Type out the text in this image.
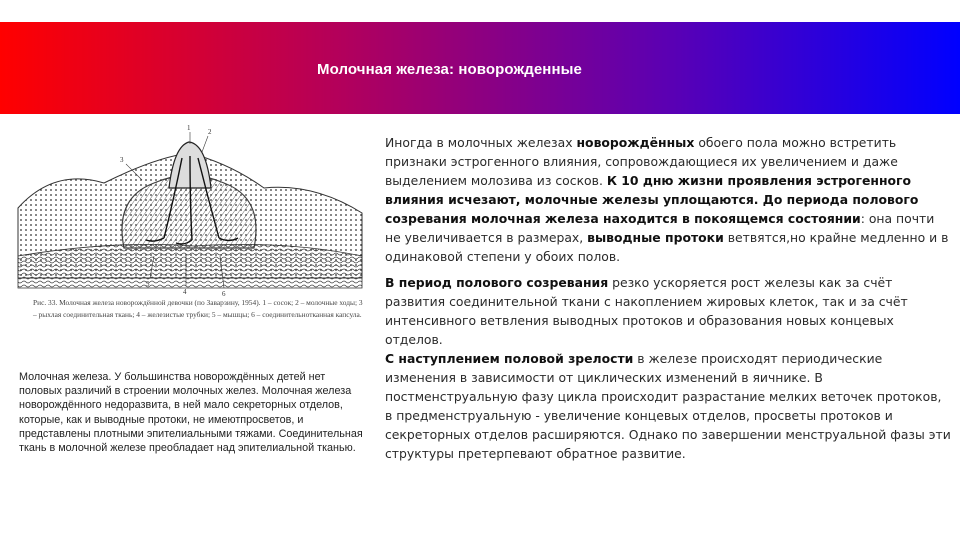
Молочная железа: новорожденные
3
1	2
5
4	6
Рис. 33. Молочная железа новорождённой девочки (по Заварзину, 1954). 1 – сосок; 2 – молочные ходы; 3 – рыхлая соединительная ткань; 4 – железистые трубки; 5 – мышцы; 6 – соединительнотканная капсула.
Молочная железа. У большинства новорождённых детей нет половых различий в строении молочных желез. Молочная железа новорождённого недоразвита, в ней мало секреторных отделов, которые, как и выводные протоки, не имеютпросветов, и представлены плотными эпителиальными тяжами. Соединительная ткань в молочной железе преобладает над эпителиальной тканью.

Иногда в молочных железах новорождённых обоего пола можно встретить признаки эстрогенного влияния, сопровождающиеся их увеличением и даже выделением молозива из сосков. К 10 дню жизни проявления эстрогенного влияния исчезают, молочные железы уплощаются. До периода полового созревания молочная железа находится в покоящемся состоянии: она почти не увеличивается в размерах, выводные протоки ветвятся,но крайне медленно и в одинаковой степени у обоих полов.

В период полового созревания резко ускоряется рост железы как за счёт развития соединительной ткани с накоплением жировых клеток, так и за счёт интенсивного ветвления выводных протоков и образования новых концевых отделов.

С наступлением половой зрелости в железе происходят периодические изменения в зависимости от циклических изменений в яичнике. В постменструальную фазу цикла происходит разрастание мелких веточек протоков, в предменструальную - увеличение концевых отделов, просветы протоков и секреторных отделов расширяются. Однако по завершении менструальной фазы эти структуры претерпевают обратное развитие.
